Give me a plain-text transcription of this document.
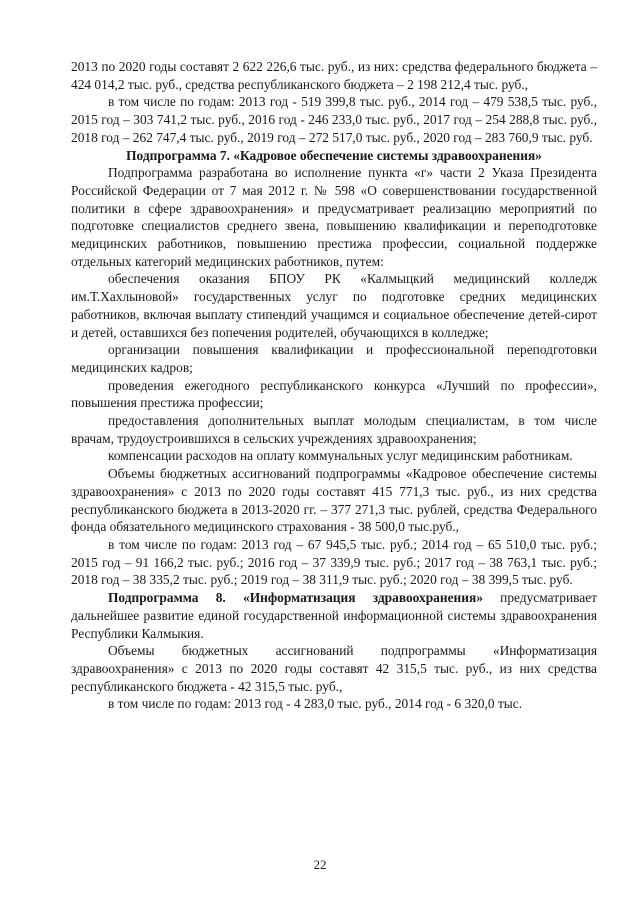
2013 по 2020 годы составят 2 622 226,6 тыс. руб., из них: средства федерального бюджета – 424 014,2 тыс. руб., средства республиканского бюджета – 2 198 212,4 тыс. руб.,

в том числе по годам: 2013 год - 519 399,8 тыс. руб., 2014 год – 479 538,5 тыс. руб., 2015 год – 303 741,2 тыс. руб., 2016 год - 246 233,0 тыс. руб., 2017 год – 254 288,8 тыс. руб., 2018 год – 262 747,4 тыс. руб., 2019 год – 272 517,0 тыс. руб., 2020 год – 283 760,9 тыс. руб.

Подпрограмма 7. «Кадровое обеспечение системы здравоохранения»

Подпрограмма разработана во исполнение пункта «г» части 2 Указа Президента Российской Федерации от 7 мая 2012 г. № 598 «О совершенствовании государственной политики в сфере здравоохранения» и предусматривает реализацию мероприятий по подготовке специалистов среднего звена, повышению квалификации и переподготовке медицинских работников, повышению престижа профессии, социальной поддержке отдельных категорий медицинских работников, путем:

обеспечения оказания БПОУ РК «Калмыцкий медицинский колледж им.Т.Хахлыновой» государственных услуг по подготовке средних медицинских работников, включая выплату стипендий учащимся и социальное обеспечение детей-сирот и детей, оставшихся без попечения родителей, обучающихся в колледже;

организации повышения квалификации и профессиональной переподготовки медицинских кадров;

проведения ежегодного республиканского конкурса «Лучший по профессии», повышения престижа профессии;

предоставления дополнительных выплат молодым специалистам, в том числе врачам, трудоустроившихся в сельских учреждениях здравоохранения;

компенсации расходов на оплату коммунальных услуг медицинским работникам.

Объемы бюджетных ассигнований подпрограммы «Кадровое обеспечение системы здравоохранения» с 2013 по 2020 годы составят 415 771,3 тыс. руб., из них средства республиканского бюджета в 2013-2020 гг. – 377 271,3 тыс. рублей, средства Федерального фонда обязательного медицинского страхования - 38 500,0 тыс.руб.,

в том числе по годам: 2013 год – 67 945,5 тыс. руб.; 2014 год – 65 510,0 тыс. руб.; 2015 год – 91 166,2 тыс. руб.; 2016 год – 37 339,9 тыс. руб.; 2017 год – 38 763,1 тыс. руб.; 2018 год – 38 335,2 тыс. руб.; 2019 год – 38 311,9 тыс. руб.; 2020 год – 38 399,5 тыс. руб.

Подпрограмма 8. «Информатизация здравоохранения» предусматривает дальнейшее развитие единой государственной информационной системы здравоохранения Республики Калмыкия.

Объемы бюджетных ассигнований подпрограммы «Информатизация здравоохранения» с 2013 по 2020 годы составят 42 315,5 тыс. руб., из них средства республиканского бюджета - 42 315,5 тыс. руб.,

в том числе по годам: 2013 год - 4 283,0 тыс. руб., 2014 год - 6 320,0 тыс.

22
